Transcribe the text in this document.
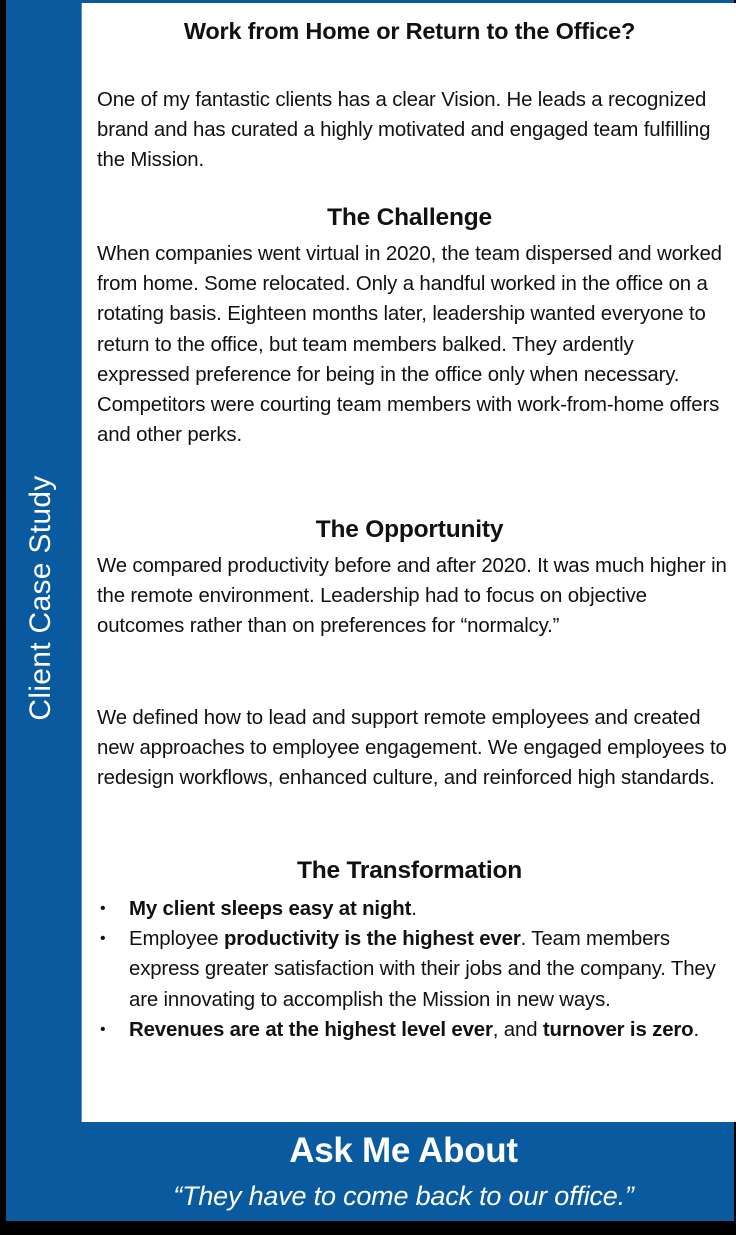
Client Case Study
Work from Home or Return to the Office?
One of my fantastic clients has a clear Vision. He leads a recognized brand and has curated a highly motivated and engaged team fulfilling the Mission.
The Challenge
When companies went virtual in 2020, the team dispersed and worked from home. Some relocated. Only a handful worked in the office on a rotating basis. Eighteen months later, leadership wanted everyone to return to the office, but team members balked. They ardently expressed preference for being in the office only when necessary. Competitors were courting team members with work-from-home offers and other perks.
The Opportunity
We compared productivity before and after 2020. It was much higher in the remote environment. Leadership had to focus on objective outcomes rather than on preferences for “normalcy.”
We defined how to lead and support remote employees and created new approaches to employee engagement. We engaged employees to redesign workflows, enhanced culture, and reinforced high standards.
The Transformation
• My client sleeps easy at night.
• Employee productivity is the highest ever. Team members express greater satisfaction with their jobs and the company. They are innovating to accomplish the Mission in new ways.
• Revenues are at the highest level ever, and turnover is zero.
Ask Me About
“They have to come back to our office.”
